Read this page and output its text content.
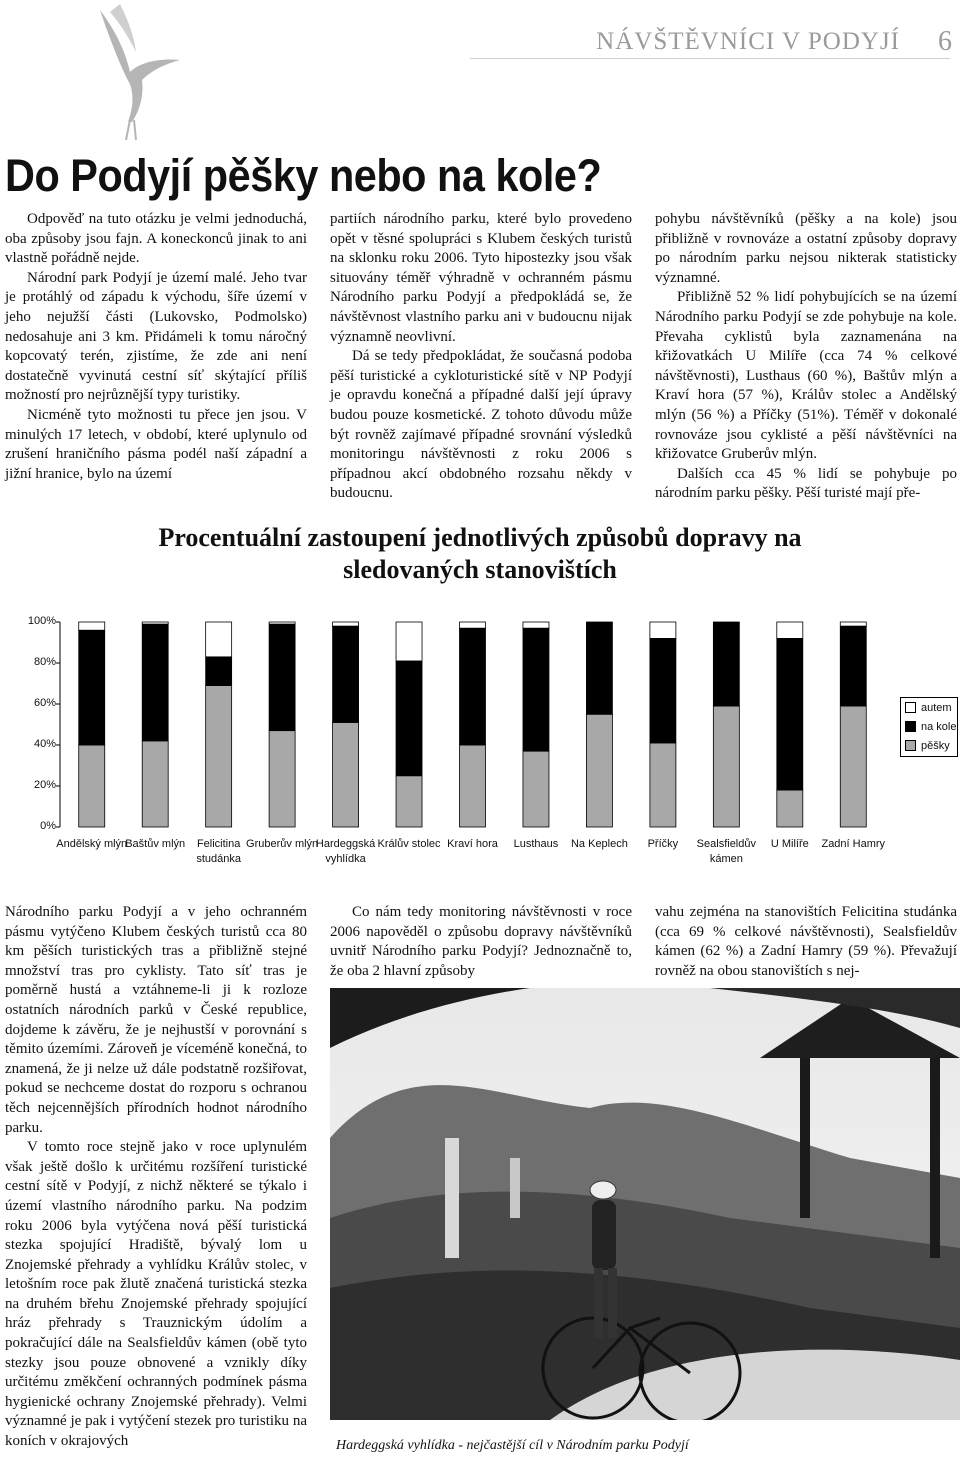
NÁVŠTĚVNÍCI V PODYJÍ 6
Do Podyjí pěšky nebo na kole?

Odpověď na tuto otázku je velmi jednoduchá, oba způsoby jsou fajn. A koneckonců jinak to ani vlastně pořádně nejde.

Národní park Podyjí je území malé. Jeho tvar je protáhlý od západu k východu, šíře území v jeho nejužší části (Lukovsko, Podmolsko) nedosahuje ani 3 km. Přidámeli k tomu náročný kopcovatý terén, zjistíme, že zde ani není dostatečně vyvinutá cestní síť skýtající příliš možností pro nejrůznější typy turistiky.

Nicméně tyto možnosti tu přece jen jsou. V minulých 17 letech, v období, které uplynulo od zrušení hraničního pásma podél naší západní a jižní hranice, bylo na území

partiích národního parku, které bylo provedeno opět v těsné spolupráci s Klubem českých turistů na sklonku roku 2006. Tyto hipostezky jsou však situovány téměř výhradně v ochranném pásmu Národního parku Podyjí a předpokládá se, že návštěvnost vlastního parku ani v budoucnu nijak významně neovlivní.

Dá se tedy předpokládat, že současná podoba pěší turistické a cykloturistické sítě v NP Podyjí je opravdu konečná a případné další její úpravy budou pouze kosmetické. Z tohoto důvodu může být rovněž zajímavé případné srovnání výsledků monitoringu návštěvnosti z roku 2006 s případnou akcí obdobného rozsahu někdy v budoucnu.

pohybu návštěvníků (pěšky a na kole) jsou přibližně v rovnováze a ostatní způsoby dopravy po národním parku nejsou nikterak statisticky významné.

Přibližně 52 % lidí pohybujících se na území Národního parku Podyjí se zde pohybuje na kole. Převaha cyklistů byla zaznamenána na křižovatkách U Milíře (cca 74 % celkové návštěvnosti), Lusthaus (60 %), Baštův mlýn a Kraví hora (57 %), Králův stolec a Andělský mlýn (56 %) a Příčky (51%). Téměř v dokonalé rovnováze jsou cyklisté a pěší návštěvníci na křižovatce Gruberův mlýn.

Dalších cca 45 % lidí se pohybuje po národním parku pěšky. Pěší turisté mají pře-

Procentuální zastoupení jednotlivých způsobů dopravy na sledovaných stanovištích
100%
80%
60%
40%
20%
0%
Andělský mlýn
Baštův mlýn	Felicitina studánka
Gruberův mlýn
Hardeggská vyhlídka
Králův stolec Kraví hora	Lusthaus	Na Keplech	Příčky	Sealsfieldův kámen
U Milíře	Zadní Hamry
autem
na kole
pěšky

Národního parku Podyjí a v jeho ochranném pásmu vytýčeno Klubem českých turistů cca 80 km pěších turistických tras a přibližně stejné množství tras pro cyklisty. Tato síť tras je poměrně hustá a vztáhneme-li ji k rozloze ostatních národních parků v České republice, dojdeme k závěru, že je nejhustší v porovnání s těmito územími. Zároveň je víceméně konečná, to znamená, že ji nelze už dále podstatně rozšiřovat, pokud se nechceme dostat do rozporu s ochranou těch nejcennějších přírodních hodnot národního parku.

V tomto roce stejně jako v roce uplynulém však ještě došlo k určitému rozšíření turistické cestní sítě v Podyjí, z nichž některé se týkalo i území vlastního národního parku. Na podzim roku 2006 byla vytýčena nová pěší turistická stezka spojující Hradiště, bývalý lom u Znojemské přehrady a vyhlídku Králův stolec, v letošním roce pak žlutě značená turistická stezka na druhém břehu Znojemské přehrady spojující hráz přehrady s Trauznickým údolím a pokračující dále na Sealsfieldův kámen (obě tyto stezky jsou pouze obnovené a vznikly díky určitému změkčení ochranných podmínek pásma hygienické ochrany Znojemské přehrady). Velmi významné je pak i vytýčení stezek pro turistiku na koních v okrajových

Co nám tedy monitoring návštěvnosti v roce 2006 napověděl o způsobu dopravy návštěvníků uvnitř Národního parku Podyjí? Jednoznačně to, že oba 2 hlavní způsoby

vahu zejména na stanovištích Felicitina studánka (cca 69 % celkové návštěvnosti), Sealsfieldův kámen (62 %) a Zadní Hamry (59 %). Převažují rovněž na obou stanovištích s nej-

Hardeggská vyhlídka - nejčastější cíl v Národním parku Podyjí
